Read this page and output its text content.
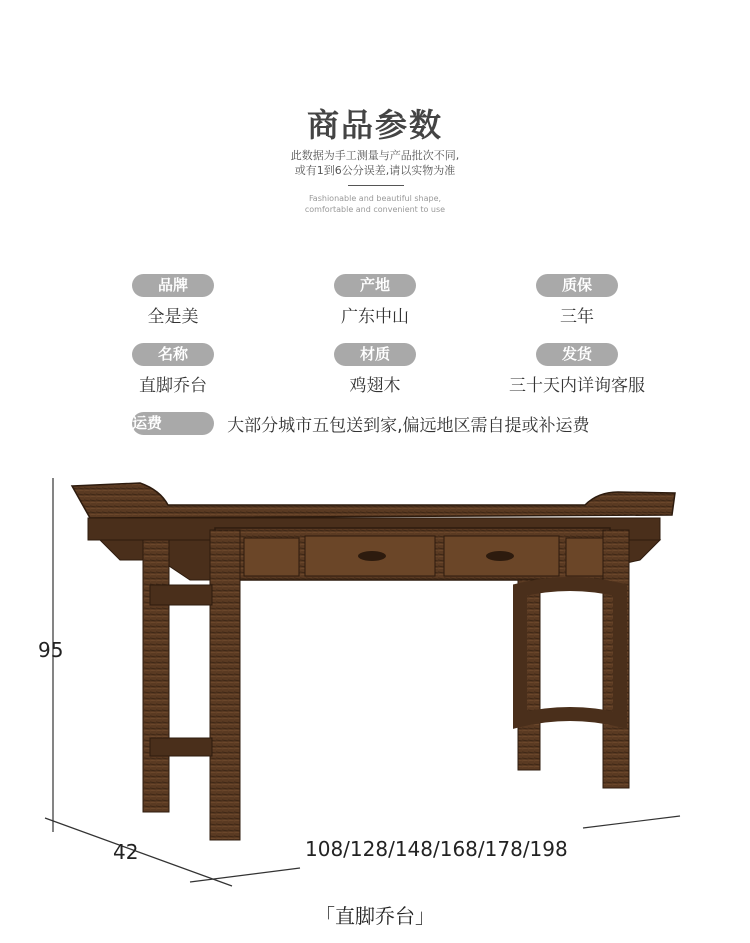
商品参数
此数据为手工测量与产品批次不同,
或有1到6公分误差,请以实物为准
Fashionable and beautiful shape,
comfortable and convenient to use
品牌
全是美
产地
广东中山
质保
三年
名称
直脚乔台
材质
鸡翅木
发货
三十天内详询客服
运费	大部分城市五包送到家,偏远地区需自提或补运费
95
42	108/128/148/168/178/198
「直脚乔台」
